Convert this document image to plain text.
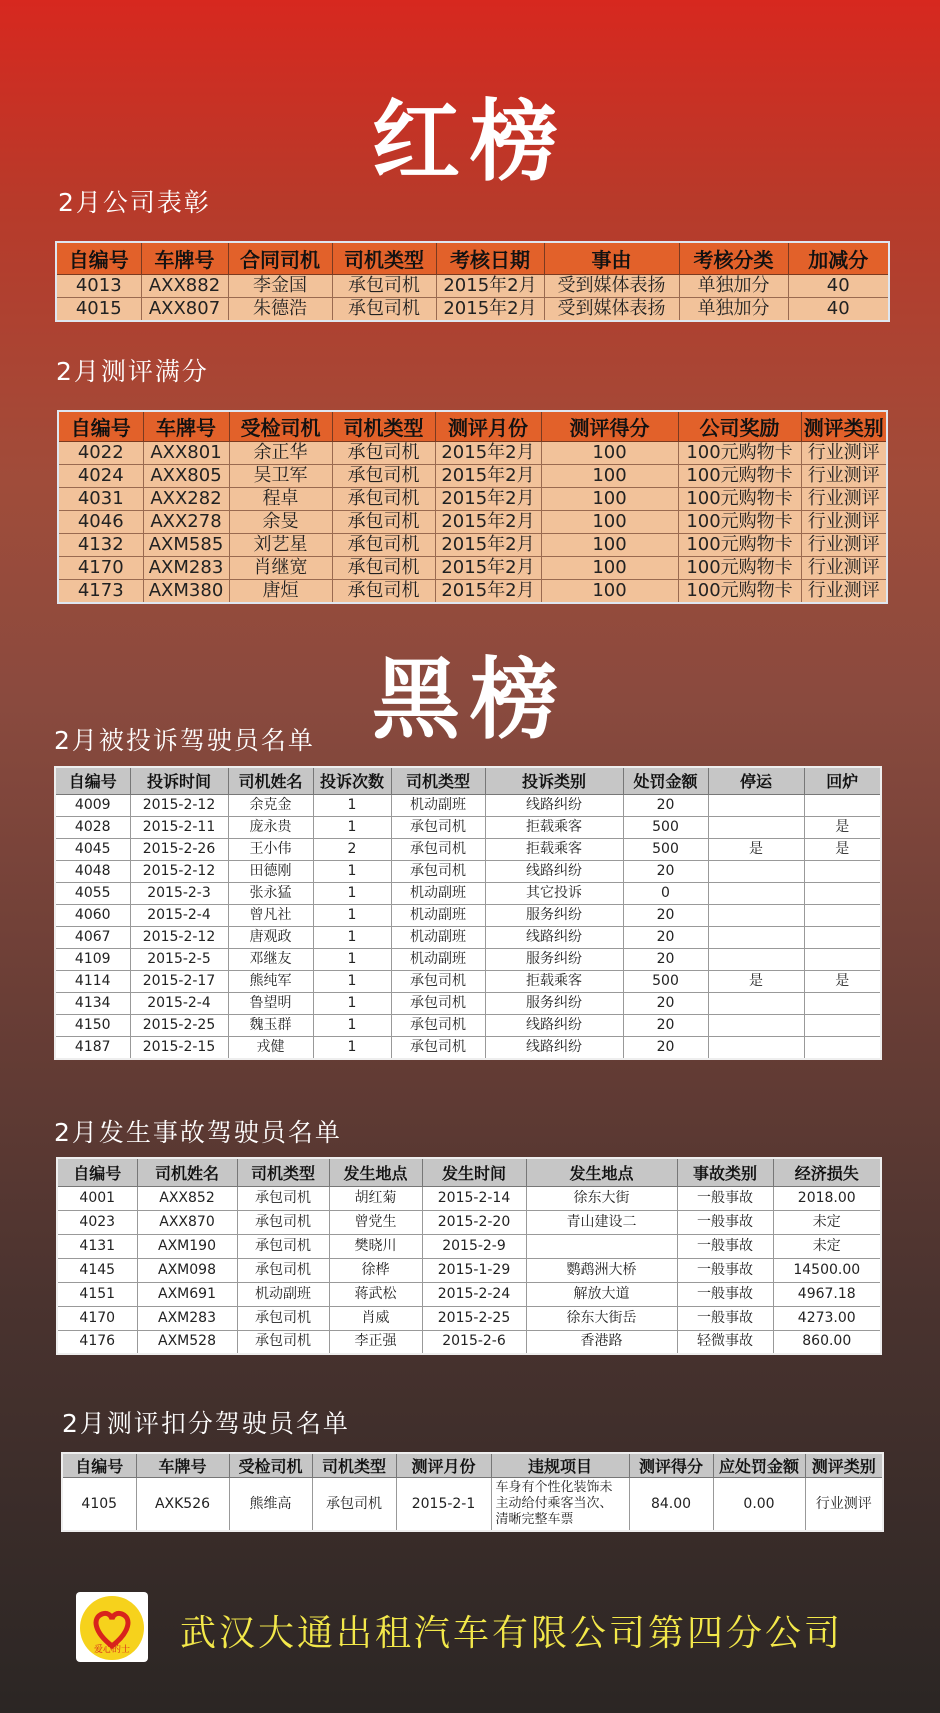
红榜
2月公司表彰
自编号	车牌号	合同司机	司机类型	考核日期	事由	考核分类	加减分
4013	AXX882	李金国	承包司机	2015年2月	受到媒体表扬	单独加分	40
4015	AXX807	朱德浩	承包司机	2015年2月	受到媒体表扬	单独加分	40
2月测评满分
自编号	车牌号	受检司机	司机类型	测评月份	测评得分	公司奖励	测评类别
4022	AXX801	余正华	承包司机	2015年2月	100	100元购物卡	行业测评
4024	AXX805	吴卫军	承包司机	2015年2月	100	100元购物卡	行业测评
4031	AXX282	程卓	承包司机	2015年2月	100	100元购物卡	行业测评
4046	AXX278	余旻	承包司机	2015年2月	100	100元购物卡	行业测评
4132	AXM585	刘艺星	承包司机	2015年2月	100	100元购物卡	行业测评
4170	AXM283	肖继宽	承包司机	2015年2月	100	100元购物卡	行业测评
4173	AXM380	唐烜	承包司机	2015年2月	100	100元购物卡	行业测评
黑榜
2月被投诉驾驶员名单
自编号	投诉时间	司机姓名	投诉次数	司机类型	投诉类别	处罚金额	停运	回炉
4009	2015-2-12	余克金	1	机动副班	线路纠纷	20		
4028	2015-2-11	庞永贵	1	承包司机	拒载乘客	500		是
4045	2015-2-26	王小伟	2	承包司机	拒载乘客	500	是	是
4048	2015-2-12	田德刚	1	承包司机	线路纠纷	20		
4055	2015-2-3	张永猛	1	机动副班	其它投诉	0		
4060	2015-2-4	曾凡社	1	机动副班	服务纠纷	20		
4067	2015-2-12	唐观政	1	机动副班	线路纠纷	20		
4109	2015-2-5	邓继友	1	机动副班	服务纠纷	20		
4114	2015-2-17	熊纯军	1	承包司机	拒载乘客	500	是	是
4134	2015-2-4	鲁望明	1	承包司机	服务纠纷	20		
4150	2015-2-25	魏玉群	1	承包司机	线路纠纷	20		
4187	2015-2-15	戎健	1	承包司机	线路纠纷	20		
2月发生事故驾驶员名单
自编号	司机姓名	司机类型	发生地点	发生时间	发生地点	事故类别	经济损失
4001	AXX852	承包司机	胡红菊	2015-2-14	徐东大街	一般事故	2018.00
4023	AXX870	承包司机	曾党生	2015-2-20	青山建设二	一般事故	未定
4131	AXM190	承包司机	樊晓川	2015-2-9		一般事故	未定
4145	AXM098	承包司机	徐桦	2015-1-29	鹦鹉洲大桥	一般事故	14500.00
4151	AXM691	机动副班	蒋武松	2015-2-24	解放大道	一般事故	4967.18
4170	AXM283	承包司机	肖威	2015-2-25	徐东大街岳	一般事故	4273.00
4176	AXM528	承包司机	李正强	2015-2-6	香港路	轻微事故	860.00
2月测评扣分驾驶员名单
自编号	车牌号	受检司机	司机类型	测评月份	违规项目	测评得分	应处罚金额	测评类别
4105	AXK526	熊维高	承包司机	2015-2-1	车身有个性化装饰未主动给付乘客当次、清晰完整车票	84.00	0.00	行业测评
爱心的士 武汉大通出租汽车有限公司第四分公司
